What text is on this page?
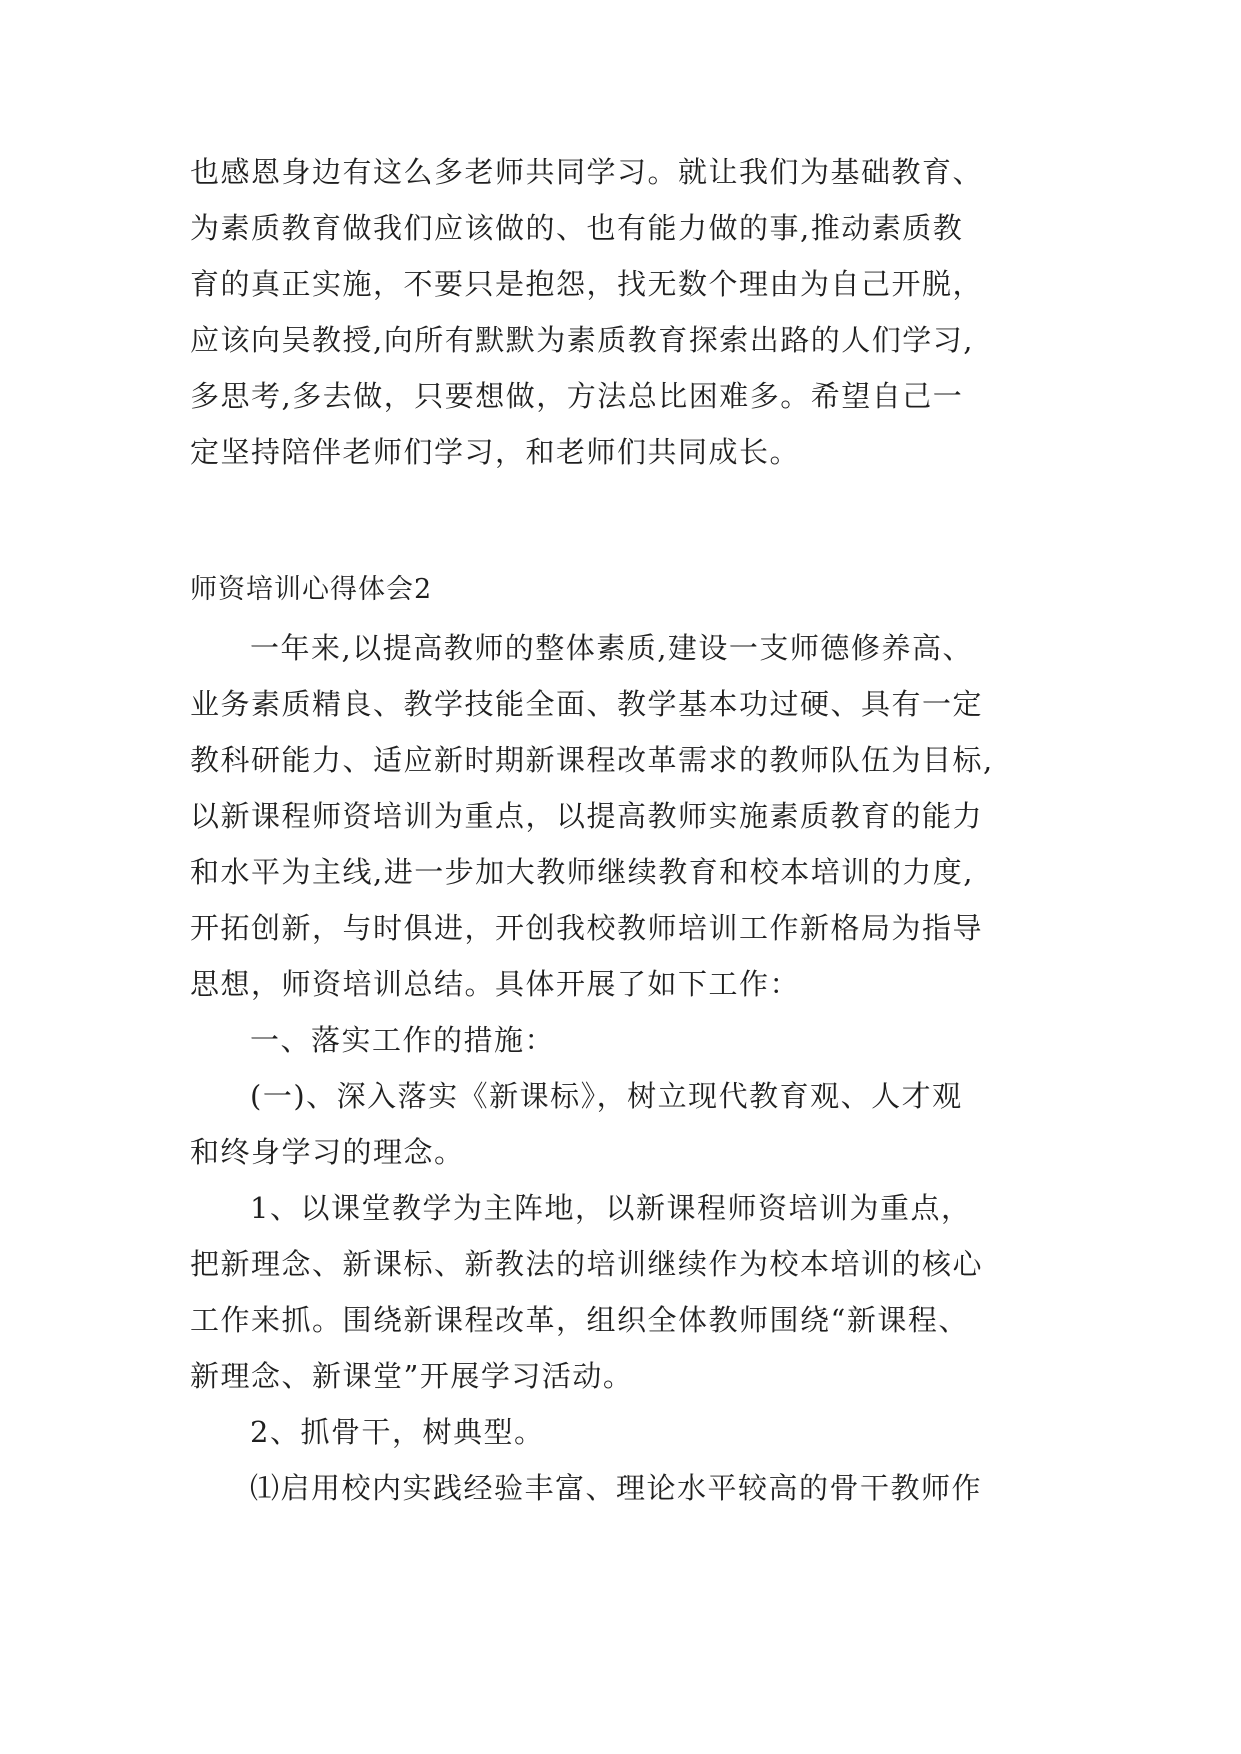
也感恩身边有这么多老师共同学习。就让我们为基础教育、
为素质教育做我们应该做的、也有能力做的事,推动素质教
育的真正实施，不要只是抱怨，找无数个理由为自己开脱，
应该向吴教授,向所有默默为素质教育探索出路的人们学习,
多思考,多去做，只要想做，方法总比困难多。希望自己一
定坚持陪伴老师们学习，和老师们共同成长。
师资培训心得体会2
一年来,以提高教师的整体素质,建设一支师德修养高、
业务素质精良、教学技能全面、教学基本功过硬、具有一定
教科研能力、适应新时期新课程改革需求的教师队伍为目标,
以新课程师资培训为重点，以提高教师实施素质教育的能力
和水平为主线,进一步加大教师继续教育和校本培训的力度,
开拓创新，与时俱进，开创我校教师培训工作新格局为指导
思想，师资培训总结。具体开展了如下工作：
一、落实工作的措施：
(一)、深入落实《新课标》，树立现代教育观、人才观
和终身学习的理念。
1、以课堂教学为主阵地，以新课程师资培训为重点，
把新理念、新课标、新教法的培训继续作为校本培训的核心
工作来抓。围绕新课程改革，组织全体教师围绕“新课程、
新理念、新课堂”开展学习活动。
2、抓骨干，树典型。
⑴启用校内实践经验丰富、理论水平较高的骨干教师作
